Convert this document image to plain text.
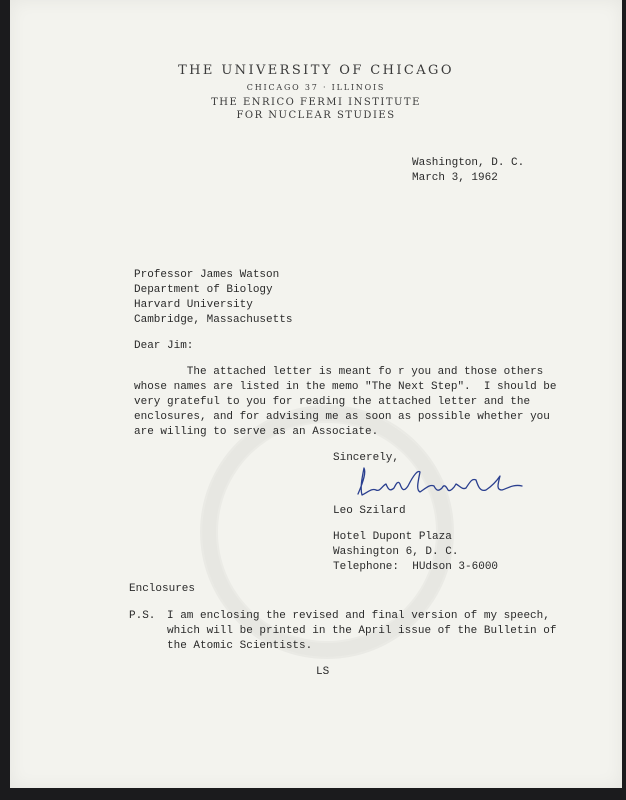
THE UNIVERSITY OF CHICAGO
CHICAGO 37 · ILLINOIS
THE ENRICO FERMI INSTITUTE
FOR NUCLEAR STUDIES
Washington, D. C.
March 3, 1962
Professor James Watson
Department of Biology
Harvard University
Cambridge, Massachusetts
Dear Jim:
The attached letter is meant fo r you and those others
whose names are listed in the memo "The Next Step".  I should be
very grateful to you for reading the attached letter and the
enclosures, and for advising me as soon as possible whether you
are willing to serve as an Associate.
Sincerely,
Leo Szilard
Hotel Dupont Plaza
Washington 6, D. C.
Telephone:  HUdson 3-6000
Enclosures
P.S. I am enclosing the revised and final version of my speech,
which will be printed in the April issue of the Bulletin of
the Atomic Scientists.
LS
